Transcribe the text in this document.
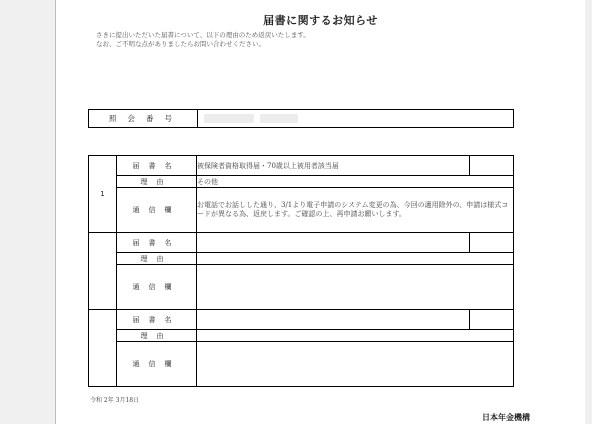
届書に関するお知らせ
さきに提出いただいた届書について、以下の理由のため返戻いたします。
なお、ご不明な点がありましたらお問い合わせください。
照会番号
1	届書名	被保険者資格取得届・70歳以上被用者該当届	
	理由	その他	
	通信欄	お電話でお話しした通り、3/1より電子申請のシステム変更の為、今回の適用除外の、申請は様式コードが異なる為、返戻します。ご確認の上、再申請お願いします。	
	届書名		
	理由		
	通信欄		
	届書名		
	理由		
	通信欄		
令和 2年 3月18日
日本年金機構
